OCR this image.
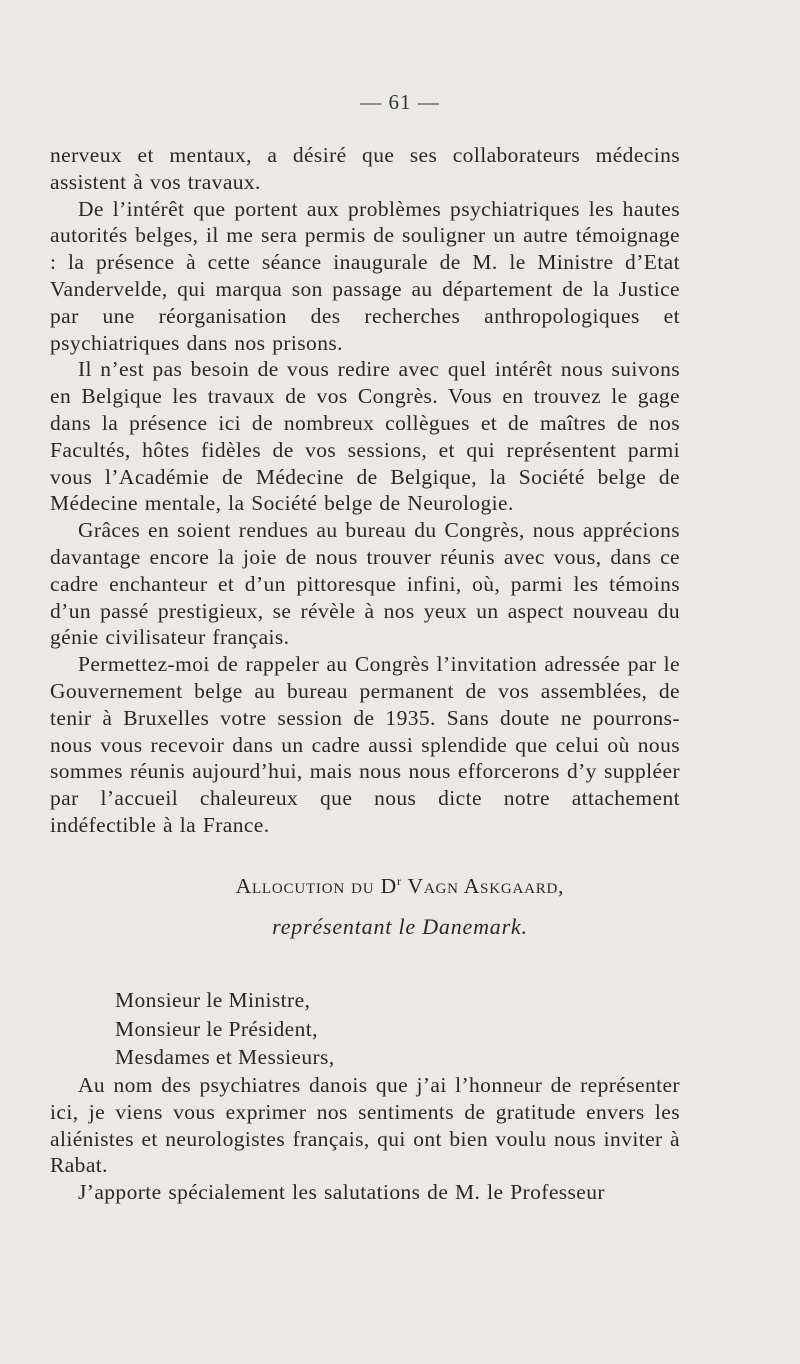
— 61 —

nerveux et mentaux, a désiré que ses collaborateurs médecins assistent à vos travaux.

De l’intérêt que portent aux problèmes psychiatriques les hautes autorités belges, il me sera permis de souligner un autre témoignage : la présence à cette séance inaugurale de M. le Ministre d’Etat Vandervelde, qui marqua son passage au département de la Justice par une réorganisation des recherches anthropologiques et psychiatriques dans nos prisons.

Il n’est pas besoin de vous redire avec quel intérêt nous suivons en Belgique les travaux de vos Congrès. Vous en trouvez le gage dans la présence ici de nombreux collègues et de maîtres de nos Facultés, hôtes fidèles de vos sessions, et qui représentent parmi vous l’Académie de Médecine de Belgique, la Société belge de Médecine mentale, la Société belge de Neurologie.

Grâces en soient rendues au bureau du Congrès, nous apprécions davantage encore la joie de nous trouver réunis avec vous, dans ce cadre enchanteur et d’un pittoresque infini, où, parmi les témoins d’un passé prestigieux, se révèle à nos yeux un aspect nouveau du génie civilisateur français.

Permettez-moi de rappeler au Congrès l’invitation adressée par le Gouvernement belge au bureau permanent de vos assemblées, de tenir à Bruxelles votre session de 1935. Sans doute ne pourrons-nous vous recevoir dans un cadre aussi splendide que celui où nous sommes réunis aujourd’hui, mais nous nous efforcerons d’y suppléer par l’accueil chaleureux que nous dicte notre attachement indéfectible à la France.

Allocution du $D^r$ Vagn Askgaard,
représentant le Danemark.
Monsieur le Ministre,
Monsieur le Président,
Mesdames et Messieurs,

Au nom des psychiatres danois que j’ai l’honneur de représenter ici, je viens vous exprimer nos sentiments de gratitude envers les aliénistes et neurologistes français, qui ont bien voulu nous inviter à Rabat.

J’apporte spécialement les salutations de M. le Professeur
